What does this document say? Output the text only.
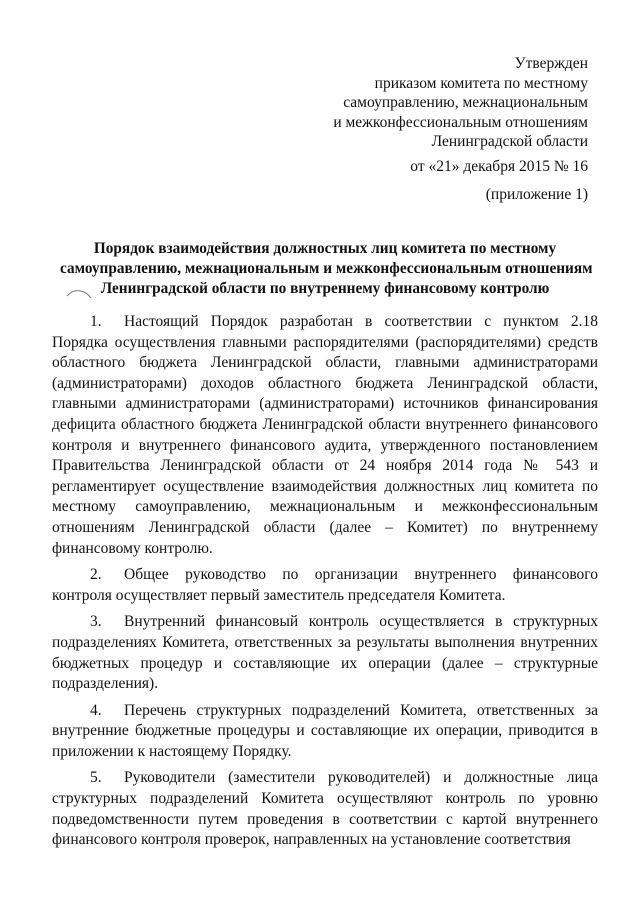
Утвержден
приказом комитета по местному
самоуправлению, межнациональным
и межконфессиональным отношениям
Ленинградской области
от «21» декабря 2015 № 16
(приложение 1)
Порядок взаимодействия должностных лиц комитета по местному
самоуправлению, межнациональным и межконфессиональным отношениям
Ленинградской области по внутреннему финансовому контролю

1. Настоящий Порядок разработан в соответствии с пунктом 2.18 Порядка осуществления главными распорядителями (распорядителями) средств областного бюджета Ленинградской области, главными администраторами (администраторами) доходов областного бюджета Ленинградской области, главными администраторами (администраторами) источников финансирования дефицита областного бюджета Ленинградской области внутреннего финансового контроля и внутреннего финансового аудита, утвержденного постановлением Правительства Ленинградской области от 24 ноября 2014 года № 543 и регламентирует осуществление взаимодействия должностных лиц комитета по местному самоуправлению, межнациональным и межконфессиональным отношениям Ленинградской области (далее – Комитет) по внутреннему финансовому контролю.

2. Общее руководство по организации внутреннего финансового контроля осуществляет первый заместитель председателя Комитета.

3. Внутренний финансовый контроль осуществляется в структурных подразделениях Комитета, ответственных за результаты выполнения внутренних бюджетных процедур и составляющие их операции (далее – структурные подразделения).

4. Перечень структурных подразделений Комитета, ответственных за внутренние бюджетные процедуры и составляющие их операции, приводится в приложении к настоящему Порядку.

5. Руководители (заместители руководителей) и должностные лица структурных подразделений Комитета осуществляют контроль по уровню подведомственности путем проведения в соответствии с картой внутреннего финансового контроля проверок, направленных на установление соответствия
